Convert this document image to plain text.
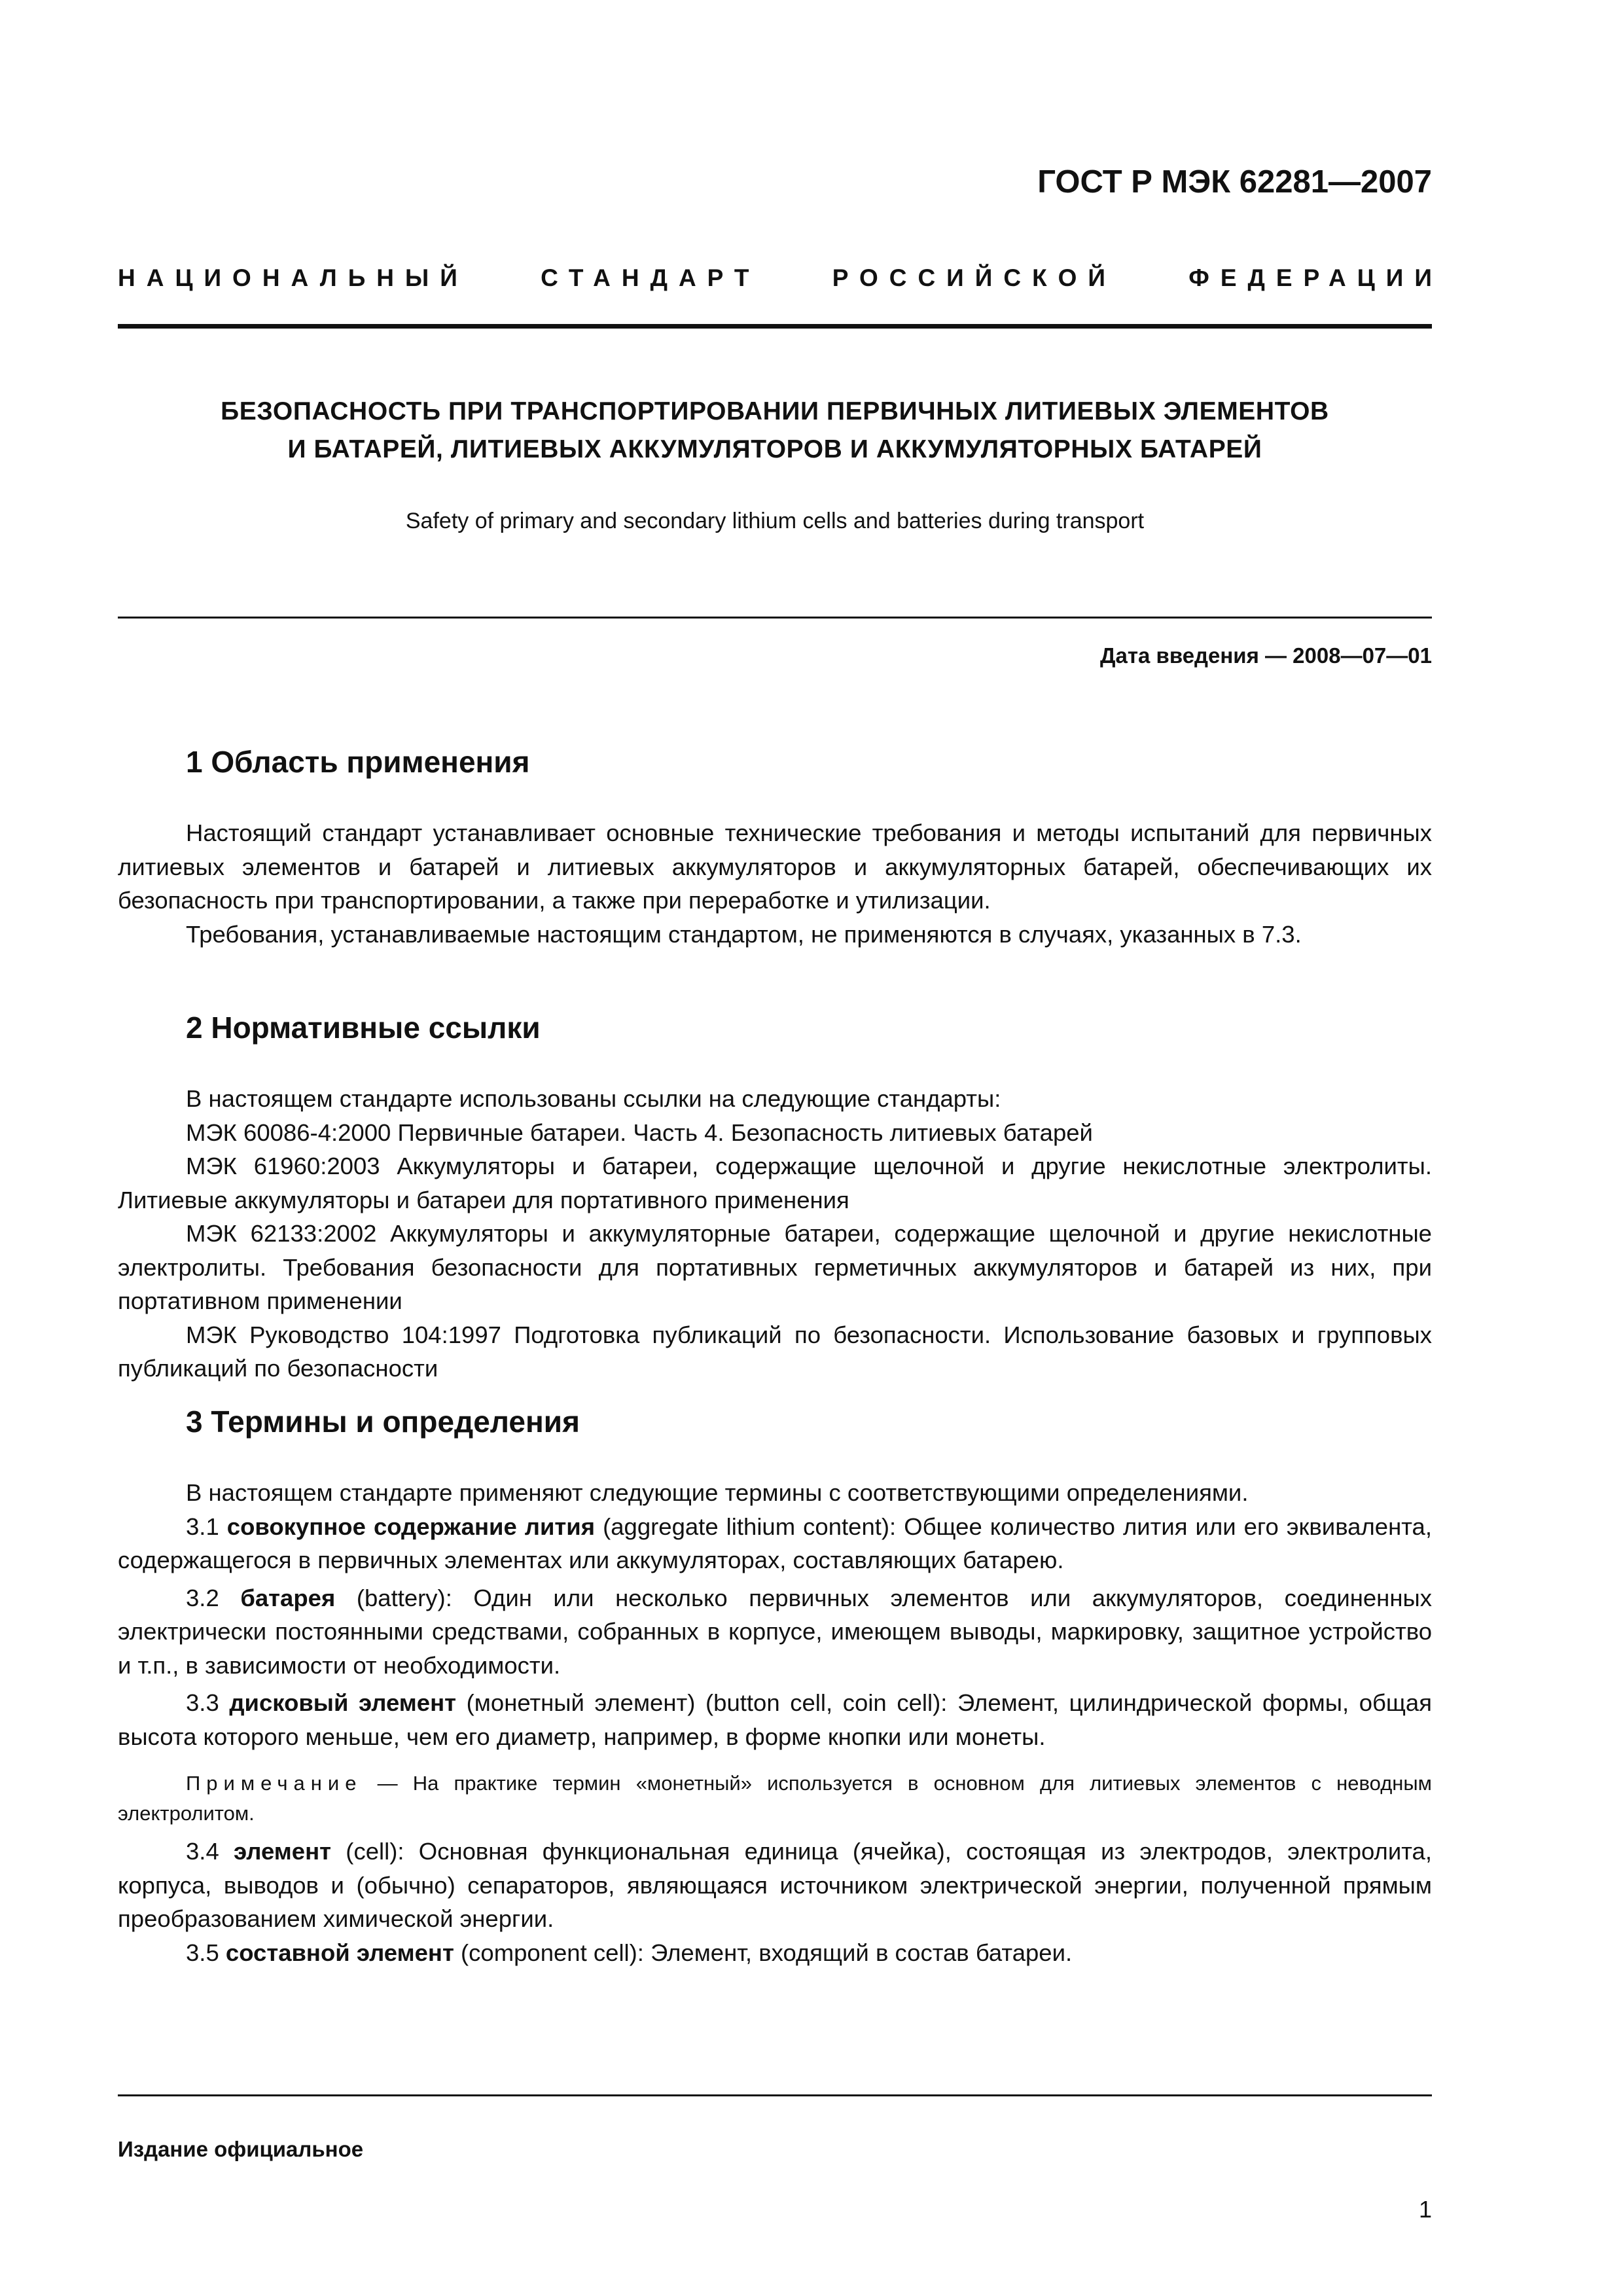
ГОСТ Р МЭК 62281—2007
НАЦИОНАЛЬНЫЙ	СТАНДАРТ	РОССИЙСКОЙ	ФЕДЕРАЦИИ
БЕЗОПАСНОСТЬ ПРИ ТРАНСПОРТИРОВАНИИ ПЕРВИЧНЫХ ЛИТИЕВЫХ ЭЛЕМЕНТОВ
И БАТАРЕЙ, ЛИТИЕВЫХ АККУМУЛЯТОРОВ И АККУМУЛЯТОРНЫХ БАТАРЕЙ
Safety of primary and secondary lithium cells and batteries during transport
Дата введения — 2008—07—01
1 Область применения

Настоящий стандарт устанавливает основные технические требования и методы испытаний для первичных литиевых элементов и батарей и литиевых аккумуляторов и аккумуляторных батарей, обеспечивающих их безопасность при транспортировании, а также при переработке и утилизации.

Требования, устанавливаемые настоящим стандартом, не применяются в случаях, указанных в 7.3.

2 Нормативные ссылки

В настоящем стандарте использованы ссылки на следующие стандарты:

МЭК 60086-4:2000 Первичные батареи. Часть 4. Безопасность литиевых батарей

МЭК 61960:2003 Аккумуляторы и батареи, содержащие щелочной и другие некислотные электролиты. Литиевые аккумуляторы и батареи для портативного применения

МЭК 62133:2002 Аккумуляторы и аккумуляторные батареи, содержащие щелочной и другие некислотные электролиты. Требования безопасности для портативных герметичных аккумуляторов и батарей из них, при портативном применении

МЭК Руководство 104:1997 Подготовка публикаций по безопасности. Использование базовых и групповых публикаций по безопасности

3 Термины и определения

В настоящем стандарте применяют следующие термины с соответствующими определениями.

3.1 совокупное содержание лития (aggregate lithium content): Общее количество лития или его эквивалента, содержащегося в первичных элементах или аккумуляторах, составляющих батарею.

3.2 батарея (battery): Один или несколько первичных элементов или аккумуляторов, соединенных электрически постоянными средствами, собранных в корпусе, имеющем выводы, маркировку, защитное устройство и т.п., в зависимости от необходимости.

3.3 дисковый элемент (монетный элемент) (button cell, coin cell): Элемент, цилиндрической формы, общая высота которого меньше, чем его диаметр, например, в форме кнопки или монеты.

Примечание — На практике термин «монетный» используется в основном для литиевых элементов с неводным электролитом.

3.4 элемент (cell): Основная функциональная единица (ячейка), состоящая из электродов, электролита, корпуса, выводов и (обычно) сепараторов, являющаяся источником электрической энергии, полученной прямым преобразованием химической энергии.

3.5 составной элемент (component cell): Элемент, входящий в состав батареи.

Издание официальное
1
